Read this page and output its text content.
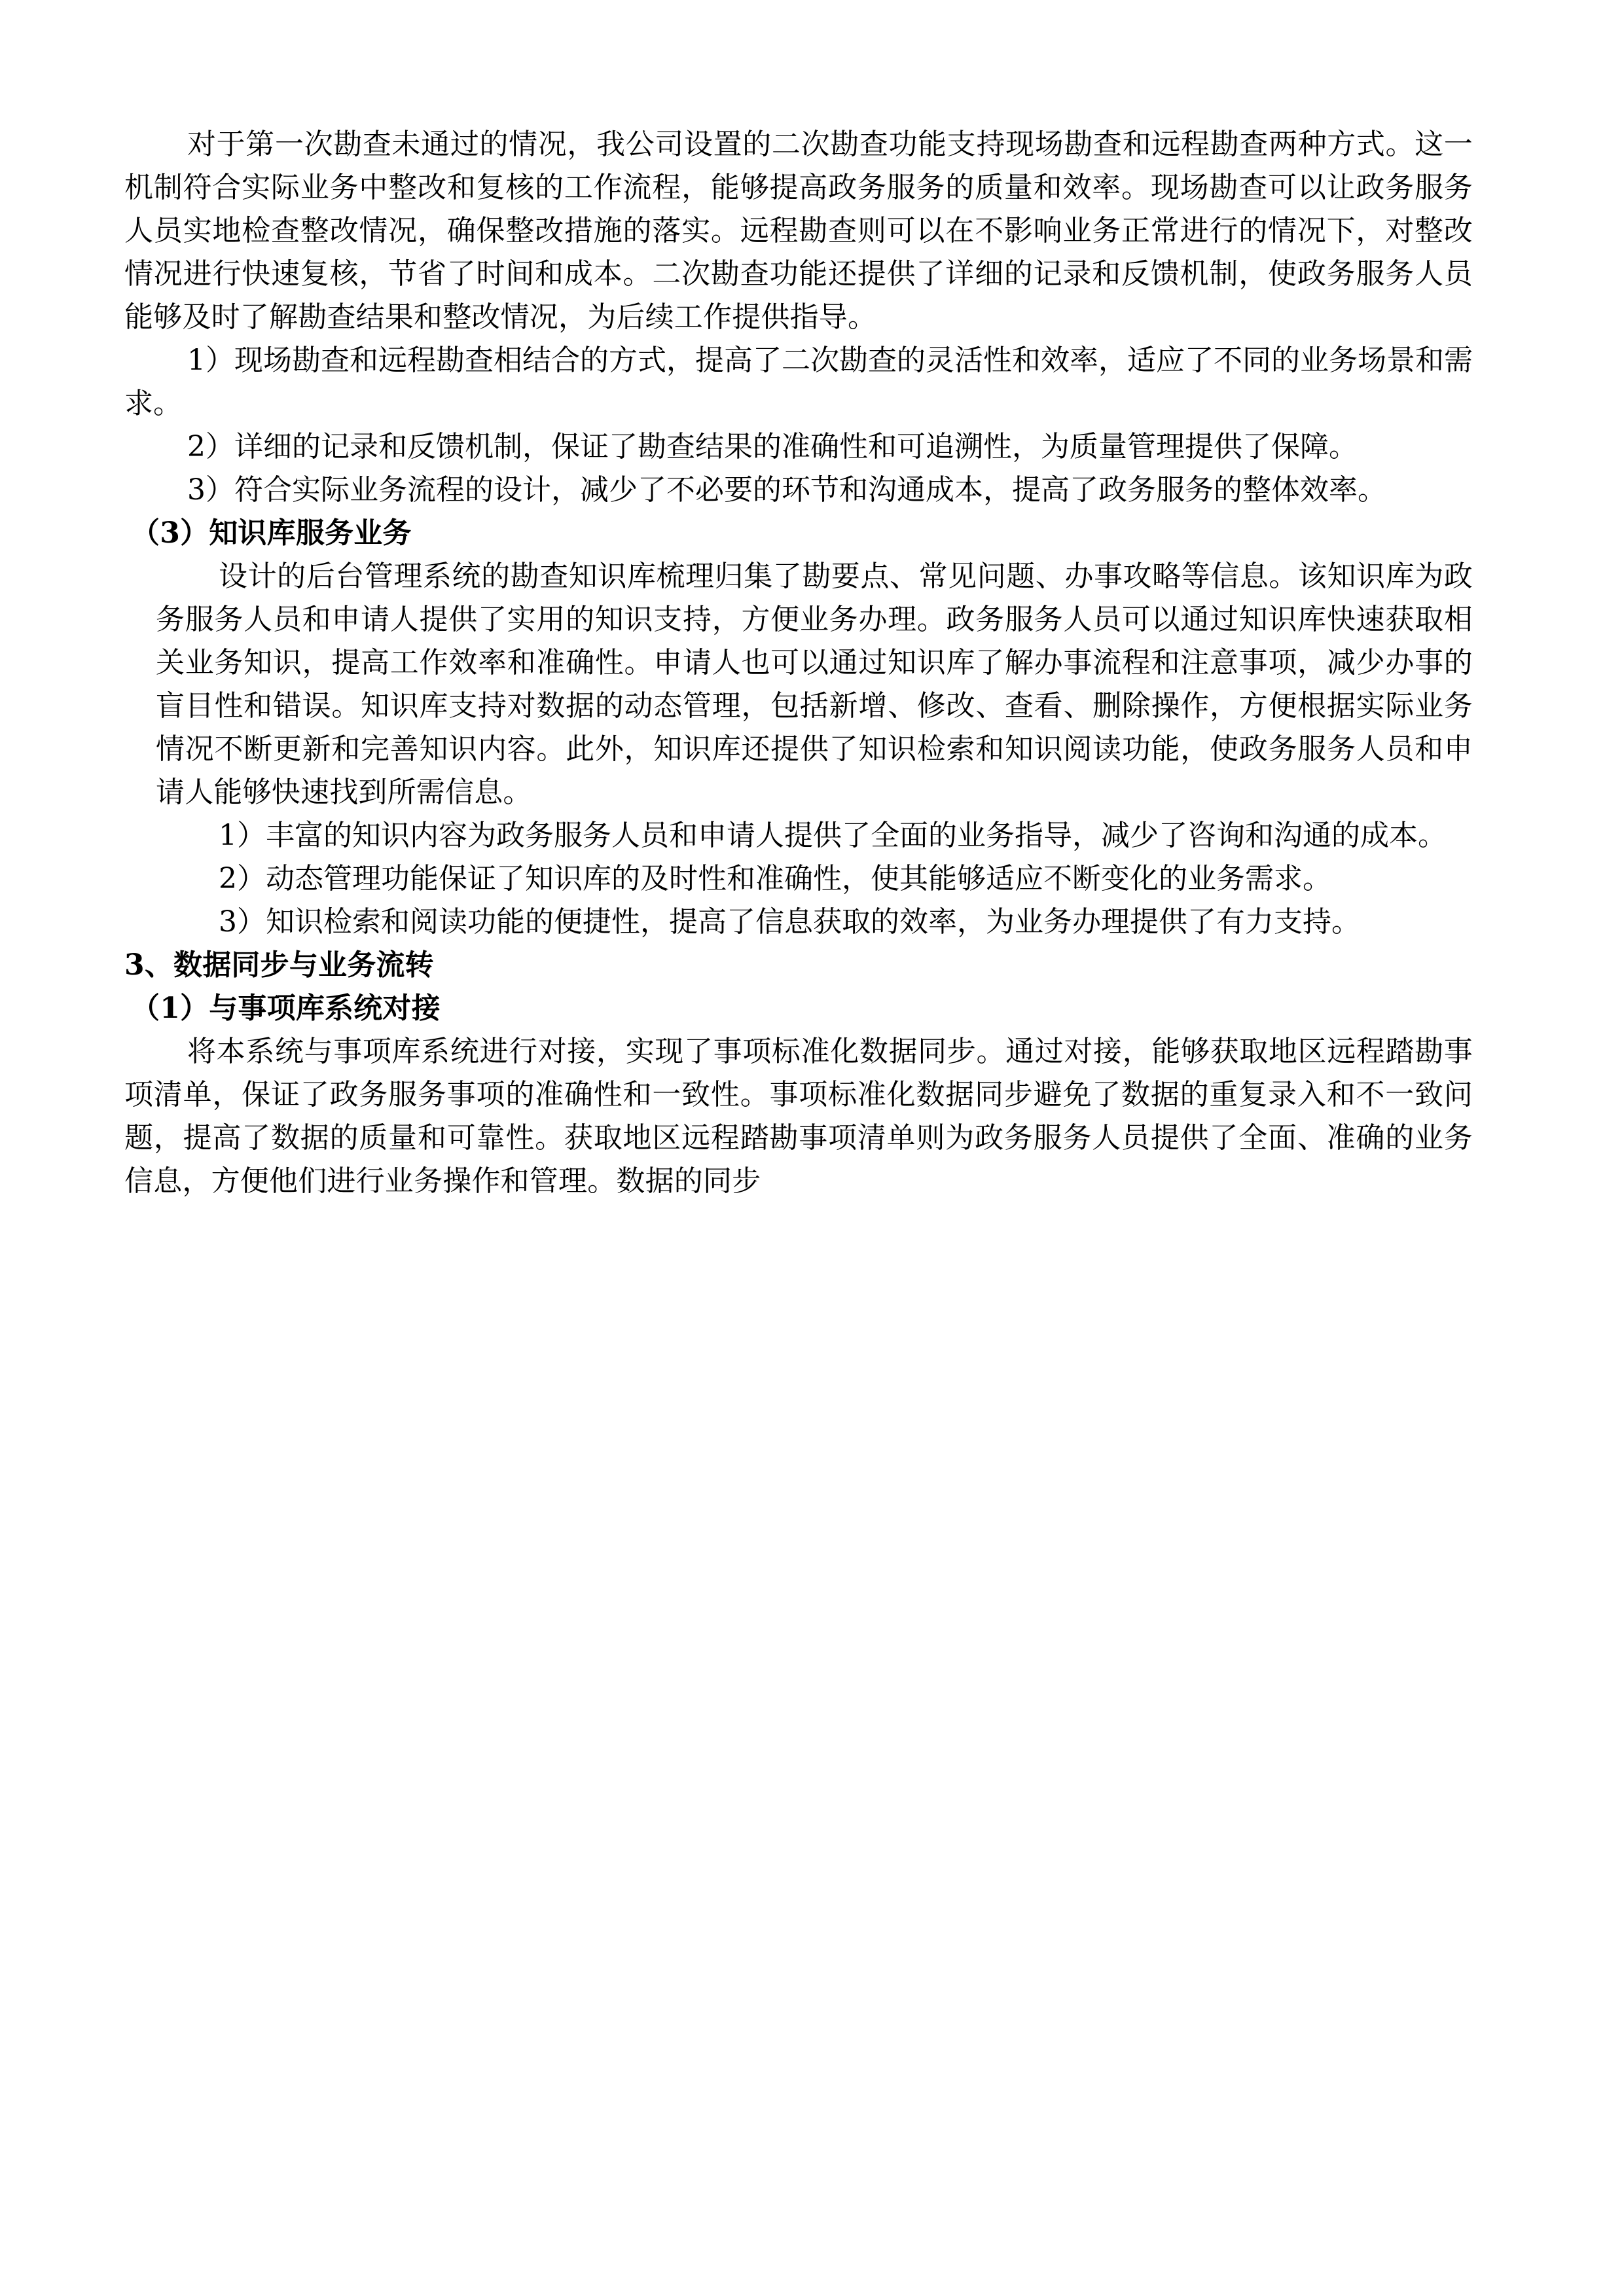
对于第一次勘查未通过的情况，我公司设置的二次勘查功能支持现场勘查和远程勘查两种方式。这一机制符合实际业务中整改和复核的工作流程，能够提高政务服务的质量和效率。现场勘查可以让政务服务人员实地检查整改情况，确保整改措施的落实。远程勘查则可以在不影响业务正常进行的情况下，对整改情况进行快速复核，节省了时间和成本。二次勘查功能还提供了详细的记录和反馈机制，使政务服务人员能够及时了解勘查结果和整改情况，为后续工作提供指导。

1）现场勘查和远程勘查相结合的方式，提高了二次勘查的灵活性和效率，适应了不同的业务场景和需求。

2）详细的记录和反馈机制，保证了勘查结果的准确性和可追溯性，为质量管理提供了保障。

3）符合实际业务流程的设计，减少了不必要的环节和沟通成本，提高了政务服务的整体效率。

（3）知识库服务业务

设计的后台管理系统的勘查知识库梳理归集了勘要点、常见问题、办事攻略等信息。该知识库为政务服务人员和申请人提供了实用的知识支持，方便业务办理。政务服务人员可以通过知识库快速获取相关业务知识，提高工作效率和准确性。申请人也可以通过知识库了解办事流程和注意事项，减少办事的盲目性和错误。知识库支持对数据的动态管理，包括新增、修改、查看、删除操作，方便根据实际业务情况不断更新和完善知识内容。此外，知识库还提供了知识检索和知识阅读功能，使政务服务人员和申请人能够快速找到所需信息。

1）丰富的知识内容为政务服务人员和申请人提供了全面的业务指导，减少了咨询和沟通的成本。

2）动态管理功能保证了知识库的及时性和准确性，使其能够适应不断变化的业务需求。

3）知识检索和阅读功能的便捷性，提高了信息获取的效率，为业务办理提供了有力支持。

3、数据同步与业务流转
（1）与事项库系统对接

将本系统与事项库系统进行对接，实现了事项标准化数据同步。通过对接，能够获取地区远程踏勘事项清单，保证了政务服务事项的准确性和一致性。事项标准化数据同步避免了数据的重复录入和不一致问题，提高了数据的质量和可靠性。获取地区远程踏勘事项清单则为政务服务人员提供了全面、准确的业务信息，方便他们进行业务操作和管理。数据的同步
